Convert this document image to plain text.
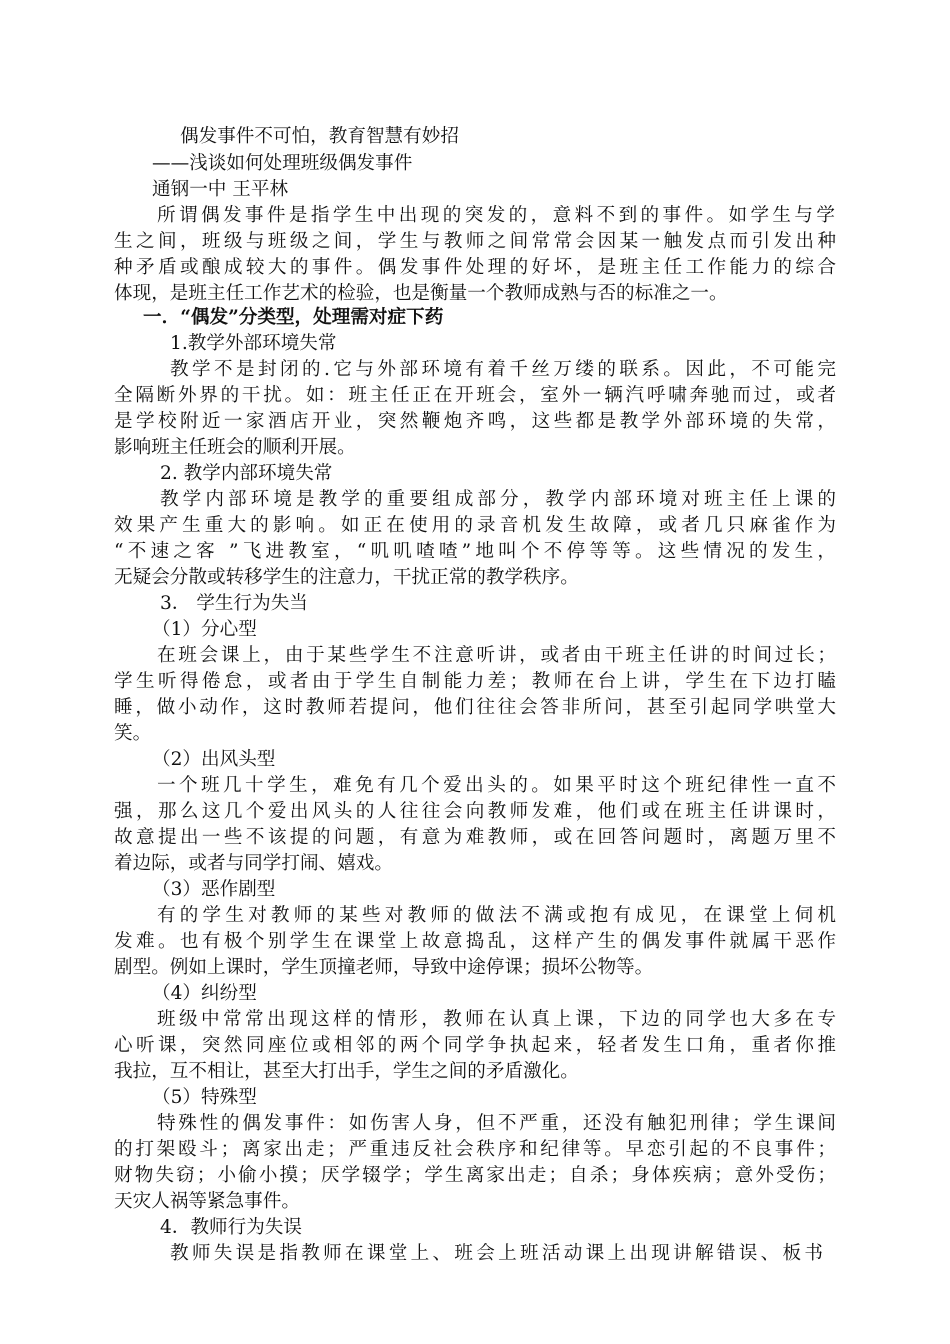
偶发事件不可怕，教育智慧有妙招
——浅谈如何处理班级偶发事件
通钢一中 王平林
所谓偶发事件是指学生中出现的突发的，意料不到的事件。如学生与学
生之间，班级与班级之间，学生与教师之间常常会因某一触发点而引发出种
种矛盾或酿成较大的事件。偶发事件处理的好坏，是班主任工作能力的综合
体现，是班主任工作艺术的检验，也是衡量一个教师成熟与否的标准之一。
一．“偶发”分类型，处理需对症下药
1.教学外部环境失常
教学不是封闭的.它与外部环境有着千丝万缕的联系。因此，不可能完
全隔断外界的干扰。如：班主任正在开班会，室外一辆汽呼啸奔驰而过，或者
是学校附近一家酒店开业，突然鞭炮齐鸣，这些都是教学外部环境的失常，
影响班主任班会的顺利开展。
2. 教学内部环境失常
教学内部环境是教学的重要组成部分，教学内部环境对班主任上课的
效果产生重大的影响。如正在使用的录音机发生故障，或者几只麻雀作为
“不速之客 ”飞进教室，“叽叽喳喳”地叫个不停等等。这些情况的发生，
无疑会分散或转移学生的注意力，干扰正常的教学秩序。
3． 学生行为失当
（1）分心型
在班会课上，由于某些学生不注意听讲，或者由干班主任讲的时间过长；
学生听得倦怠，或者由于学生自制能力差；教师在台上讲，学生在下边打瞌
睡，做小动作，这时教师若提问，他们往往会答非所问，甚至引起同学哄堂大
笑。
（2）出风头型
一个班几十学生，难免有几个爱出头的。如果平时这个班纪律性一直不
强，那么这几个爱出风头的人往往会向教师发难，他们或在班主任讲课时，
故意提出一些不该提的问题，有意为难教师，或在回答问题时，离题万里不
着边际，或者与同学打闹、嬉戏。
（3）恶作剧型
有的学生对教师的某些对教师的做法不满或抱有成见，在课堂上伺机
发难。也有极个别学生在课堂上故意捣乱，这样产生的偶发事件就属干恶作
剧型。例如上课时，学生顶撞老师，导致中途停课；损坏公物等。
（4）纠纷型
班级中常常出现这样的情形，教师在认真上课，下边的同学也大多在专
心听课，突然同座位或相邻的两个同学争执起来，轻者发生口角，重者你推
我拉，互不相让，甚至大打出手，学生之间的矛盾激化。
（5）特殊型
特殊性的偶发事件：如伤害人身，但不严重，还没有触犯刑律；学生课间
的打架殴斗；离家出走；严重违反社会秩序和纪律等。早恋引起的不良事件；
财物失窃；小偷小摸；厌学辍学；学生离家出走；自杀；身体疾病；意外受伤；
天灾人祸等紧急事件。
4．教师行为失误
教师失误是指教师在课堂上、班会上班活动课上出现讲解错误、板书
